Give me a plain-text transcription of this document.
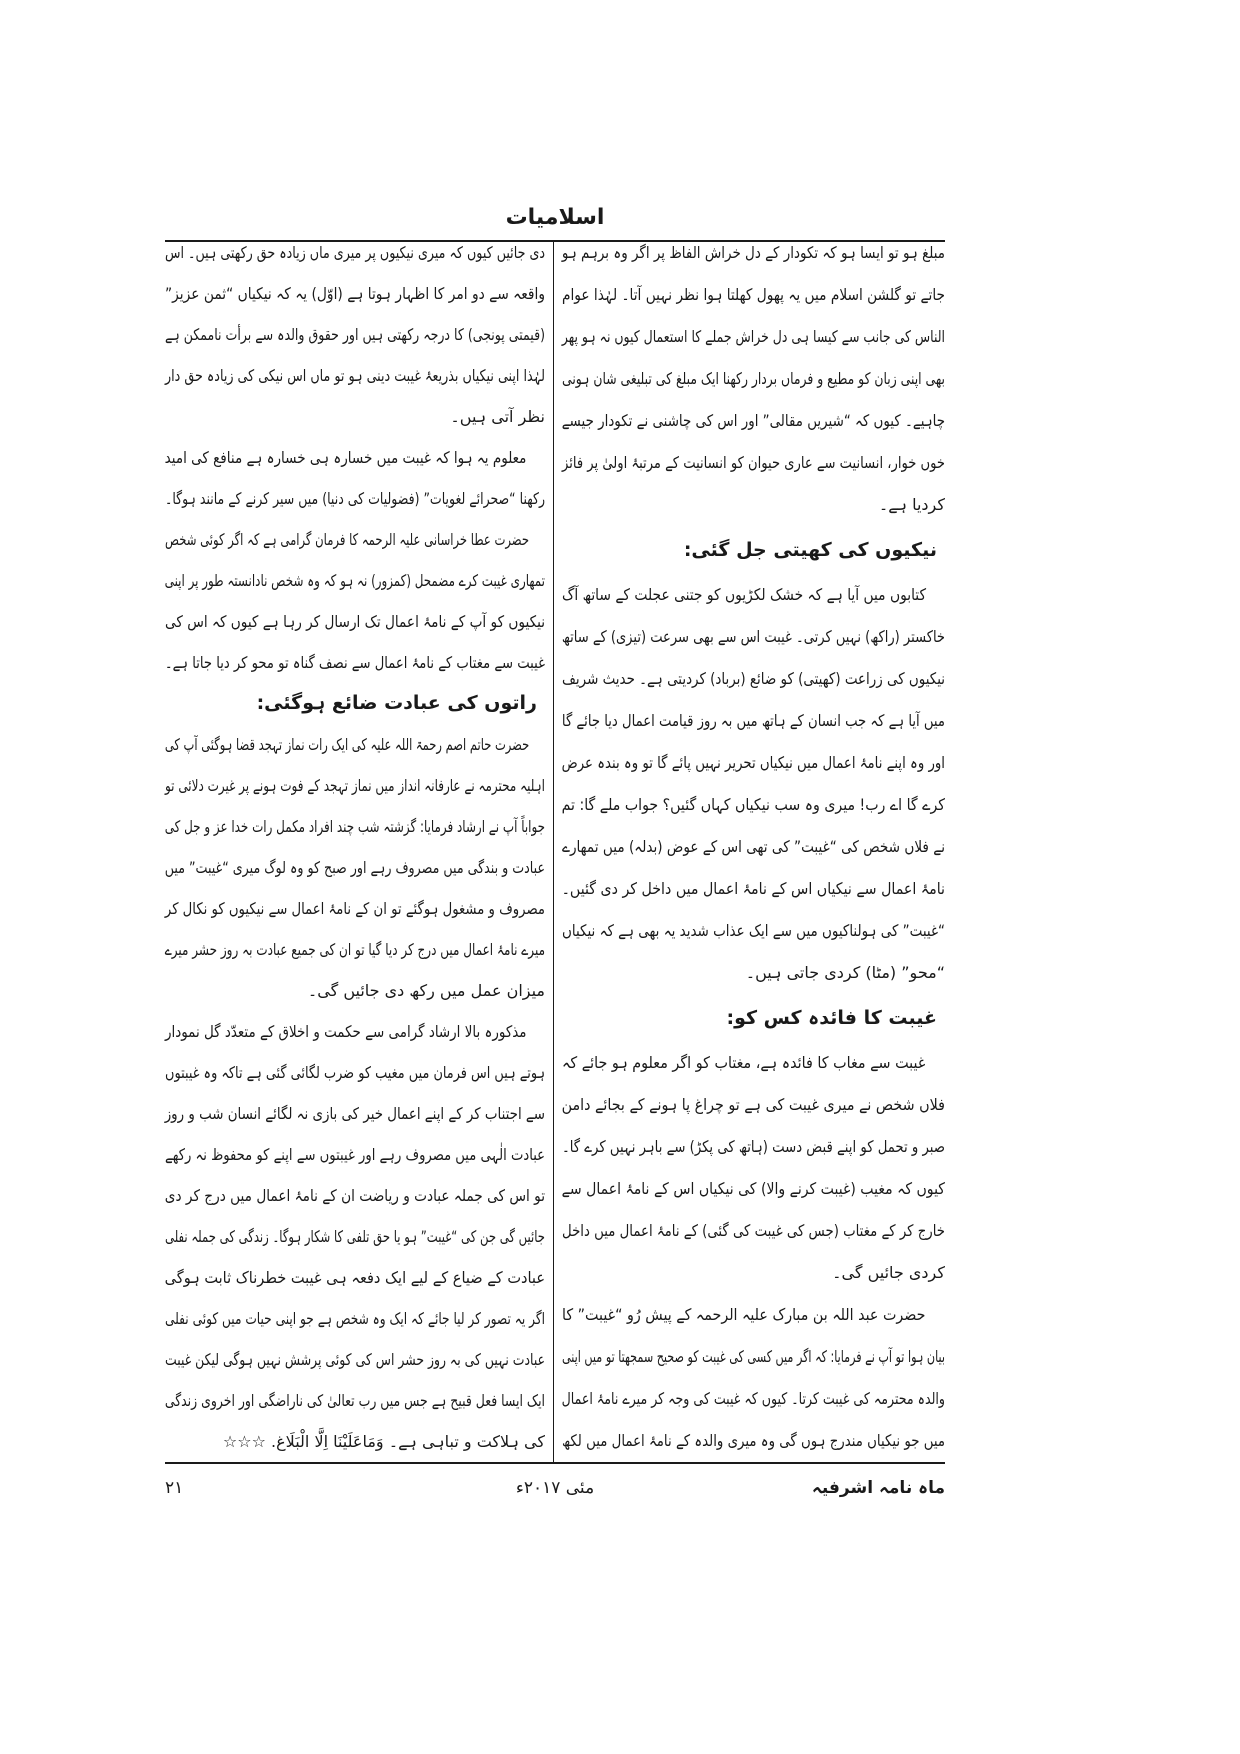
اسلامیات
مبلغ ہو تو ایسا ہو کہ تکودار کے دل خراش الفاظ پر اگر وہ برہم ہو
جاتے تو گلشن اسلام میں یہ پھول کھلتا ہوا نظر نہیں آتا۔ لہٰذا عوام
الناس کی جانب سے کیسا ہی دل خراش جملے کا استعمال کیوں نہ ہو پھر
بھی اپنی زبان کو مطیع و فرماں بردار رکھنا ایک مبلغ کی تبلیغی شان ہونی
چاہیے۔ کیوں کہ “شیریں مقالی” اور اس کی چاشنی نے تکودار جیسے
خوں خوار، انسانیت سے عاری حیوان کو انسانیت کے مرتبۂ اولیٰ پر فائز
کردیا ہے۔
نیکیوں کی کھیتی جل گئی:
کتابوں میں آیا ہے کہ خشک لکڑیوں کو جتنی عجلت کے ساتھ آگ
خاکستر (راکھ) نہیں کرتی۔ غیبت اس سے بھی سرعت (تیزی) کے ساتھ
نیکیوں کی زراعت (کھیتی) کو ضائع (برباد) کردیتی ہے۔ حدیث شریف
میں آیا ہے کہ جب انسان کے ہاتھ میں بہ روز قیامت اعمال دیا جائے گا
اور وہ اپنے نامۂ اعمال میں نیکیاں تحریر نہیں پائے گا تو وہ بندہ عرض
کرے گا اے رب! میری وہ سب نیکیاں کہاں گئیں؟ جواب ملے گا: تم
نے فلاں شخص کی “غیبت” کی تھی اس کے عوض (بدلہ) میں تمھارے
نامۂ اعمال سے نیکیاں اس کے نامۂ اعمال میں داخل کر دی گئیں۔
“غیبت” کی ہولناکیوں میں سے ایک عذاب شدید یہ بھی ہے کہ نیکیاں
“محو” (مٹا) کردی جاتی ہیں۔
غیبت کا فائدہ کس کو:
غیبت سے مغاب کا فائدہ ہے، مغتاب کو اگر معلوم ہو جائے کہ
فلاں شخص نے میری غیبت کی ہے تو چراغ پا ہونے کے بجائے دامن
صبر و تحمل کو اپنے قبض دست (ہاتھ کی پکڑ) سے باہر نہیں کرے گا۔
کیوں کہ مغیب (غیبت کرنے والا) کی نیکیاں اس کے نامۂ اعمال سے
خارج کر کے مغتاب (جس کی غیبت کی گئی) کے نامۂ اعمال میں داخل
کردی جائیں گی۔
حضرت عبد اللہ بن مبارک علیہ الرحمہ کے پیش رُو “غیبت” کا
بیان ہوا تو آپ نے فرمایا: کہ اگر میں کسی کی غیبت کو صحیح سمجھتا تو میں اپنی
والدہ محترمہ کی غیبت کرتا۔ کیوں کہ غیبت کی وجہ کر میرے نامۂ اعمال
میں جو نیکیاں مندرج ہوں گی وہ میری والدہ کے نامۂ اعمال میں لکھ
دی جائیں کیوں کہ میری نیکیوں پر میری ماں زیادہ حق رکھتی ہیں۔ اس
واقعہ سے دو امر کا اظہار ہوتا ہے (اوّل) یہ کہ نیکیاں “ثمن عزیز”
(قیمتی پونجی) کا درجہ رکھتی ہیں اور حقوق والدہ سے برأت ناممکن ہے
لہٰذا اپنی نیکیاں بذریعۂ غیبت دینی ہو تو ماں اس نیکی کی زیادہ حق دار
نظر آتی ہیں۔
معلوم یہ ہوا کہ غیبت میں خسارہ ہی خسارہ ہے منافع کی امید
رکھنا “صحرائے لغویات” (فضولیات کی دنیا) میں سیر کرنے کے مانند ہوگا۔
حضرت عطا خراسانی علیہ الرحمہ کا فرمان گرامی ہے کہ اگر کوئی شخص
تمھاری غیبت کرے مضمحل (کمزور) نہ ہو کہ وہ شخص نادانستہ طور پر اپنی
نیکیوں کو آپ کے نامۂ اعمال تک ارسال کر رہا ہے کیوں کہ اس کی
غیبت سے مغتاب کے نامۂ اعمال سے نصف گناہ تو محو کر دیا جاتا ہے۔
راتوں کی عبادت ضائع ہوگئی:
حضرت حاتم اصم رحمۃ اللہ علیہ کی ایک رات نماز تہجد قضا ہوگئی آپ کی
اہلیہ محترمہ نے عارفانہ انداز میں نماز تہجد کے فوت ہونے پر غیرت دلائی تو
جواباً آپ نے ارشاد فرمایا: گزشتہ شب چند افراد مکمل رات خدا عز و جل کی
عبادت و بندگی میں مصروف رہے اور صبح کو وہ لوگ میری “غیبت” میں
مصروف و مشغول ہوگئے تو ان کے نامۂ اعمال سے نیکیوں کو نکال کر
میرے نامۂ اعمال میں درج کر دیا گیا تو ان کی جمیع عبادت بہ روز حشر میرے
میزان عمل میں رکھ دی جائیں گی۔
مذکورہ بالا ارشاد گرامی سے حکمت و اخلاق کے متعدّد گل نمودار
ہوتے ہیں اس فرمان میں مغیب کو ضرب لگائی گئی ہے تاکہ وہ غیبتوں
سے اجتناب کر کے اپنے اعمال خیر کی بازی نہ لگائے انسان شب و روز
عبادت الٰہی میں مصروف رہے اور غیبتوں سے اپنے کو محفوظ نہ رکھے
تو اس کی جملہ عبادت و ریاضت ان کے نامۂ اعمال میں درج کر دی
جائیں گی جن کی “غیبت” ہو یا حق تلفی کا شکار ہوگا۔ زندگی کی جملہ نفلی
عبادت کے ضیاع کے لیے ایک دفعہ ہی غیبت خطرناک ثابت ہوگی
اگر یہ تصور کر لیا جائے کہ ایک وہ شخص ہے جو اپنی حیات میں کوئی نفلی
عبادت نہیں کی بہ روز حشر اس کی کوئی پرشش نہیں ہوگی لیکن غیبت
ایک ایسا فعل قبیح ہے جس میں رب تعالیٰ کی ناراضگی اور اخروی زندگی
کی ہلاکت و تباہی ہے۔ وَمَاعَلَیْنَا اِلَّا الْبَلَاغ. ☆☆☆
ماہ نامہ اشرفیہ
مئی ۲۰۱۷ء
۲۱
